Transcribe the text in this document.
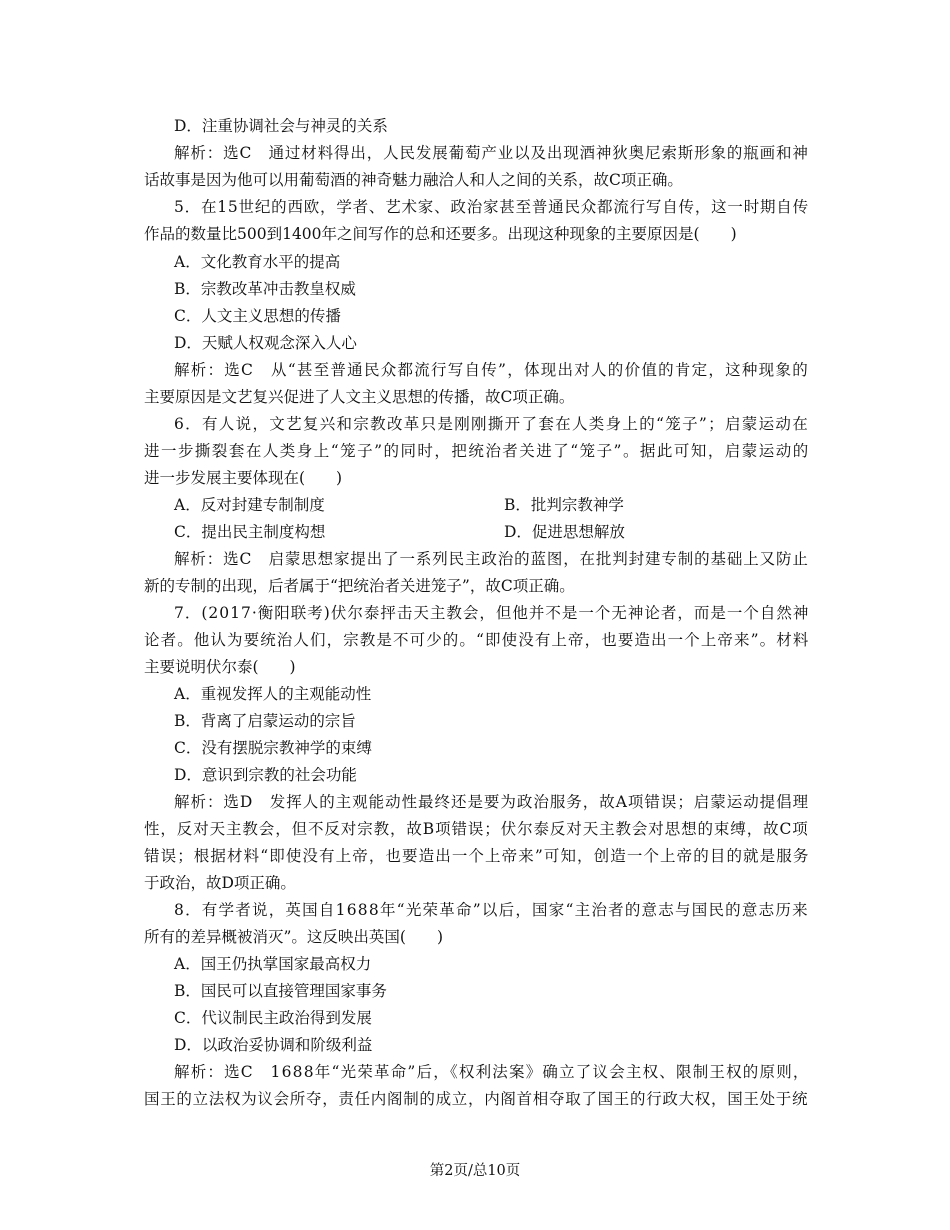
D．注重协调社会与神灵的关系
解析：选C　通过材料得出，人民发展葡萄产业以及出现酒神狄奥尼索斯形象的瓶画和神
话故事是因为他可以用葡萄酒的神奇魅力融洽人和人之间的关系，故C项正确。
5．在15世纪的西欧，学者、艺术家、政治家甚至普通民众都流行写自传，这一时期自传
作品的数量比500到1400年之间写作的总和还要多。出现这种现象的主要原因是(　　)
A．文化教育水平的提高
B．宗教改革冲击教皇权威
C．人文主义思想的传播
D．天赋人权观念深入人心
解析：选C　从“甚至普通民众都流行写自传”，体现出对人的价值的肯定，这种现象的
主要原因是文艺复兴促进了人文主义思想的传播，故C项正确。
6．有人说，文艺复兴和宗教改革只是刚刚撕开了套在人类身上的“笼子”；启蒙运动在
进一步撕裂套在人类身上“笼子”的同时，把统治者关进了“笼子”。据此可知，启蒙运动的
进一步发展主要体现在(　　)
A．反对封建专制制度	B．批判宗教神学
C．提出民主制度构想	D．促进思想解放
解析：选C　启蒙思想家提出了一系列民主政治的蓝图，在批判封建专制的基础上又防止
新的专制的出现，后者属于“把统治者关进笼子”，故C项正确。
7．(2017·衡阳联考)伏尔泰抨击天主教会，但他并不是一个无神论者，而是一个自然神
论者。他认为要统治人们，宗教是不可少的。“即使没有上帝，也要造出一个上帝来”。材料
主要说明伏尔泰(　　)
A．重视发挥人的主观能动性
B．背离了启蒙运动的宗旨
C．没有摆脱宗教神学的束缚
D．意识到宗教的社会功能
解析：选D　发挥人的主观能动性最终还是要为政治服务，故A项错误；启蒙运动提倡理
性，反对天主教会，但不反对宗教，故B项错误；伏尔泰反对天主教会对思想的束缚，故C项
错误；根据材料“即使没有上帝，也要造出一个上帝来”可知，创造一个上帝的目的就是服务
于政治，故D项正确。
8．有学者说，英国自1688年“光荣革命”以后，国家“主治者的意志与国民的意志历来
所有的差异概被消灭”。这反映出英国(　　)
A．国王仍执掌国家最高权力
B．国民可以直接管理国家事务
C．代议制民主政治得到发展
D．以政治妥协调和阶级利益
解析：选C　1688年“光荣革命”后，《权利法案》确立了议会主权、限制王权的原则，
国王的立法权为议会所夺，责任内阁制的成立，内阁首相夺取了国王的行政大权，国王处于统
第2页/总10页
